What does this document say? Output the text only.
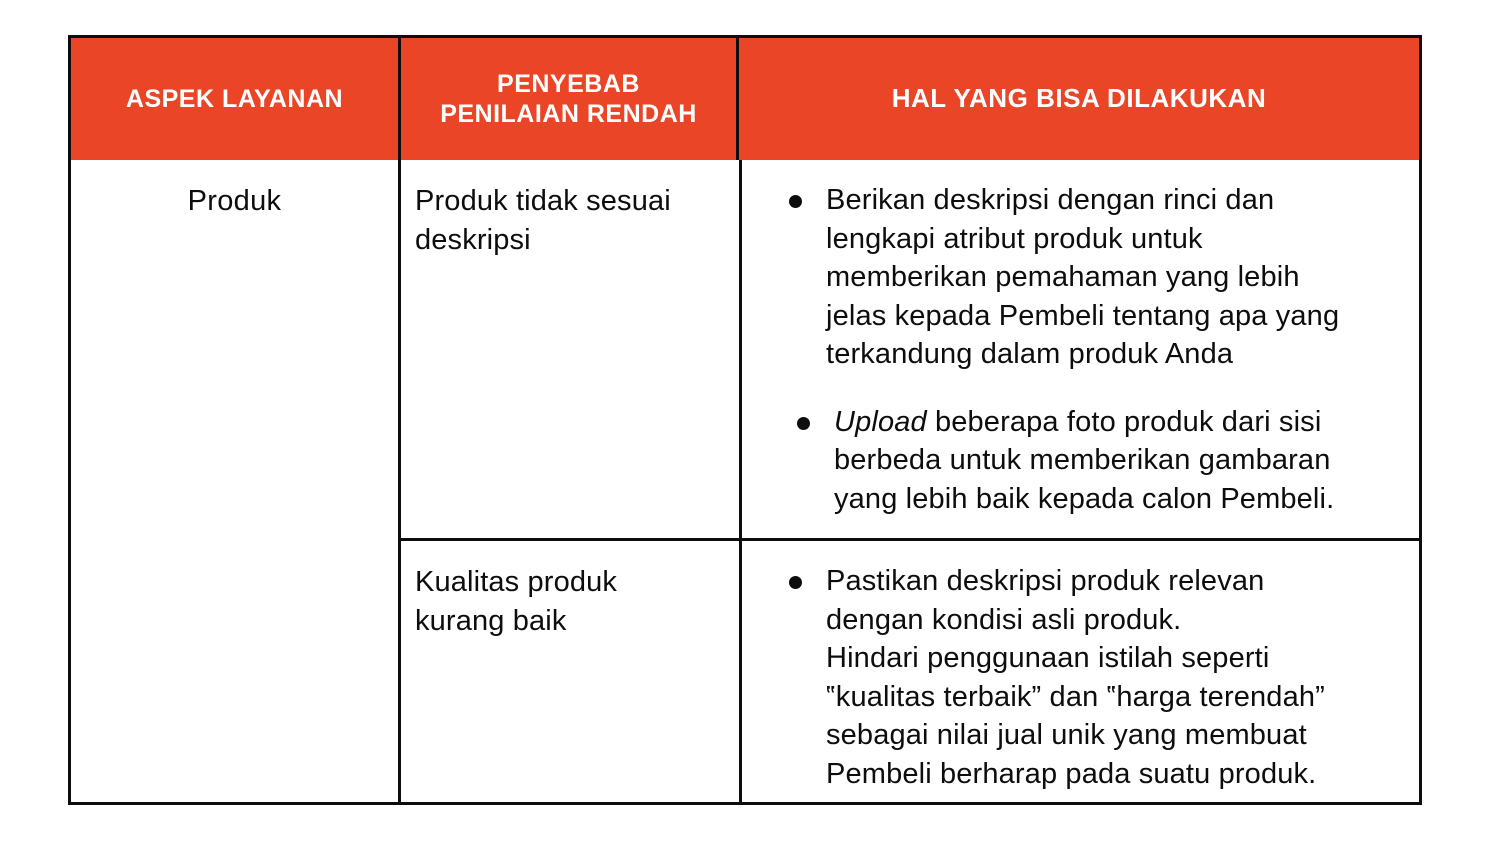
ASPEK LAYANAN
PENYEBAB
PENILAIAN RENDAH
HAL YANG BISA DILAKUKAN
Produk	Produk tidak sesuai
deskripsi
Berikan deskripsi dengan rinci dan
lengkapi atribut produk untuk
memberikan pemahaman yang lebih
jelas kepada Pembeli tentang apa yang
terkandung dalam produk Anda
Upload beberapa foto produk dari sisi
berbeda untuk memberikan gambaran
yang lebih baik kepada calon Pembeli.
Kualitas produk
kurang baik
Pastikan deskripsi produk relevan
dengan kondisi asli produk.
Hindari penggunaan istilah seperti
‟kualitas terbaik” dan ‟harga terendah”
sebagai nilai jual unik yang membuat
Pembeli berharap pada suatu produk.
